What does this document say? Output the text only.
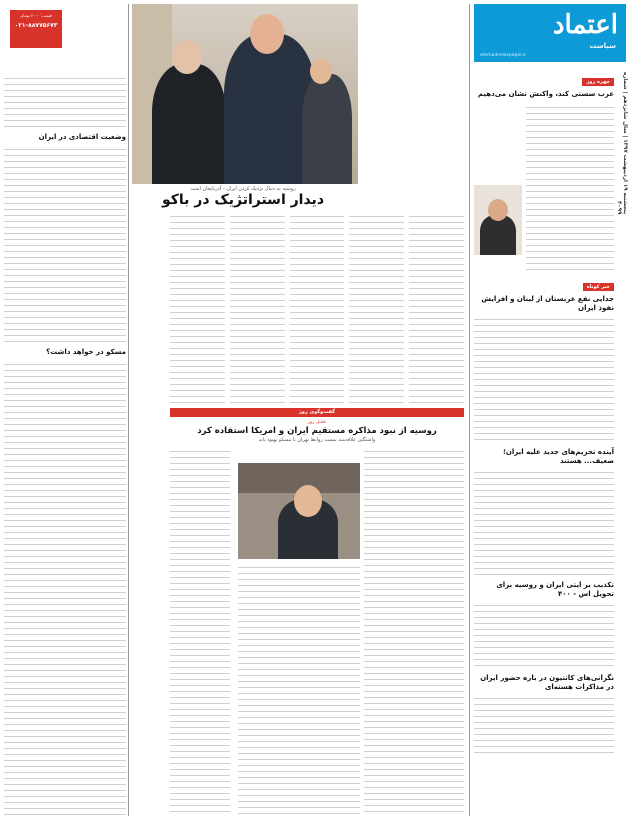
اعتماد
سیاست
etemadnewspaper.ir
پنجشنبه ۱۹ اردیبهشت ۱۳۹۷ | سال شانزدهم | شماره ۴۰۹۹
چهره روز
غرب سستی کند، واکنش نشان می‌دهیم
خبر کوتاه
جدایی نفع عربستان از لبنان و افزایش نفوذ ایران
آینده تحریم‌های جدید علیه ایران؛ ضعیف... هستند
تکذیب بر ایتی ایران و روسیه برای تحویل اس - ۴۰۰
نگرانی‌های کاتنیون در باره حضور ایران در مذاکرات هسته‌ای
روسیه به دنبال نزدیک کردن ایران - آذربایجان است
دیدار استراتژیک در باکو
قیمت: ۲۰۰۰ تومان
۰۲۱-۸۸۷۷۵۶۷۳
وضعیت اقتصادی در ایران
مسکو در خواهد داشت؟
گفت‌وگوی روز
تحلیل روز
روسیه از نبود مذاکره مستقیم ایران و امریکا استفاده کرد
واشنگتن علاقه‌مند نیست روابط تهران با مسکو بهبود یابد
